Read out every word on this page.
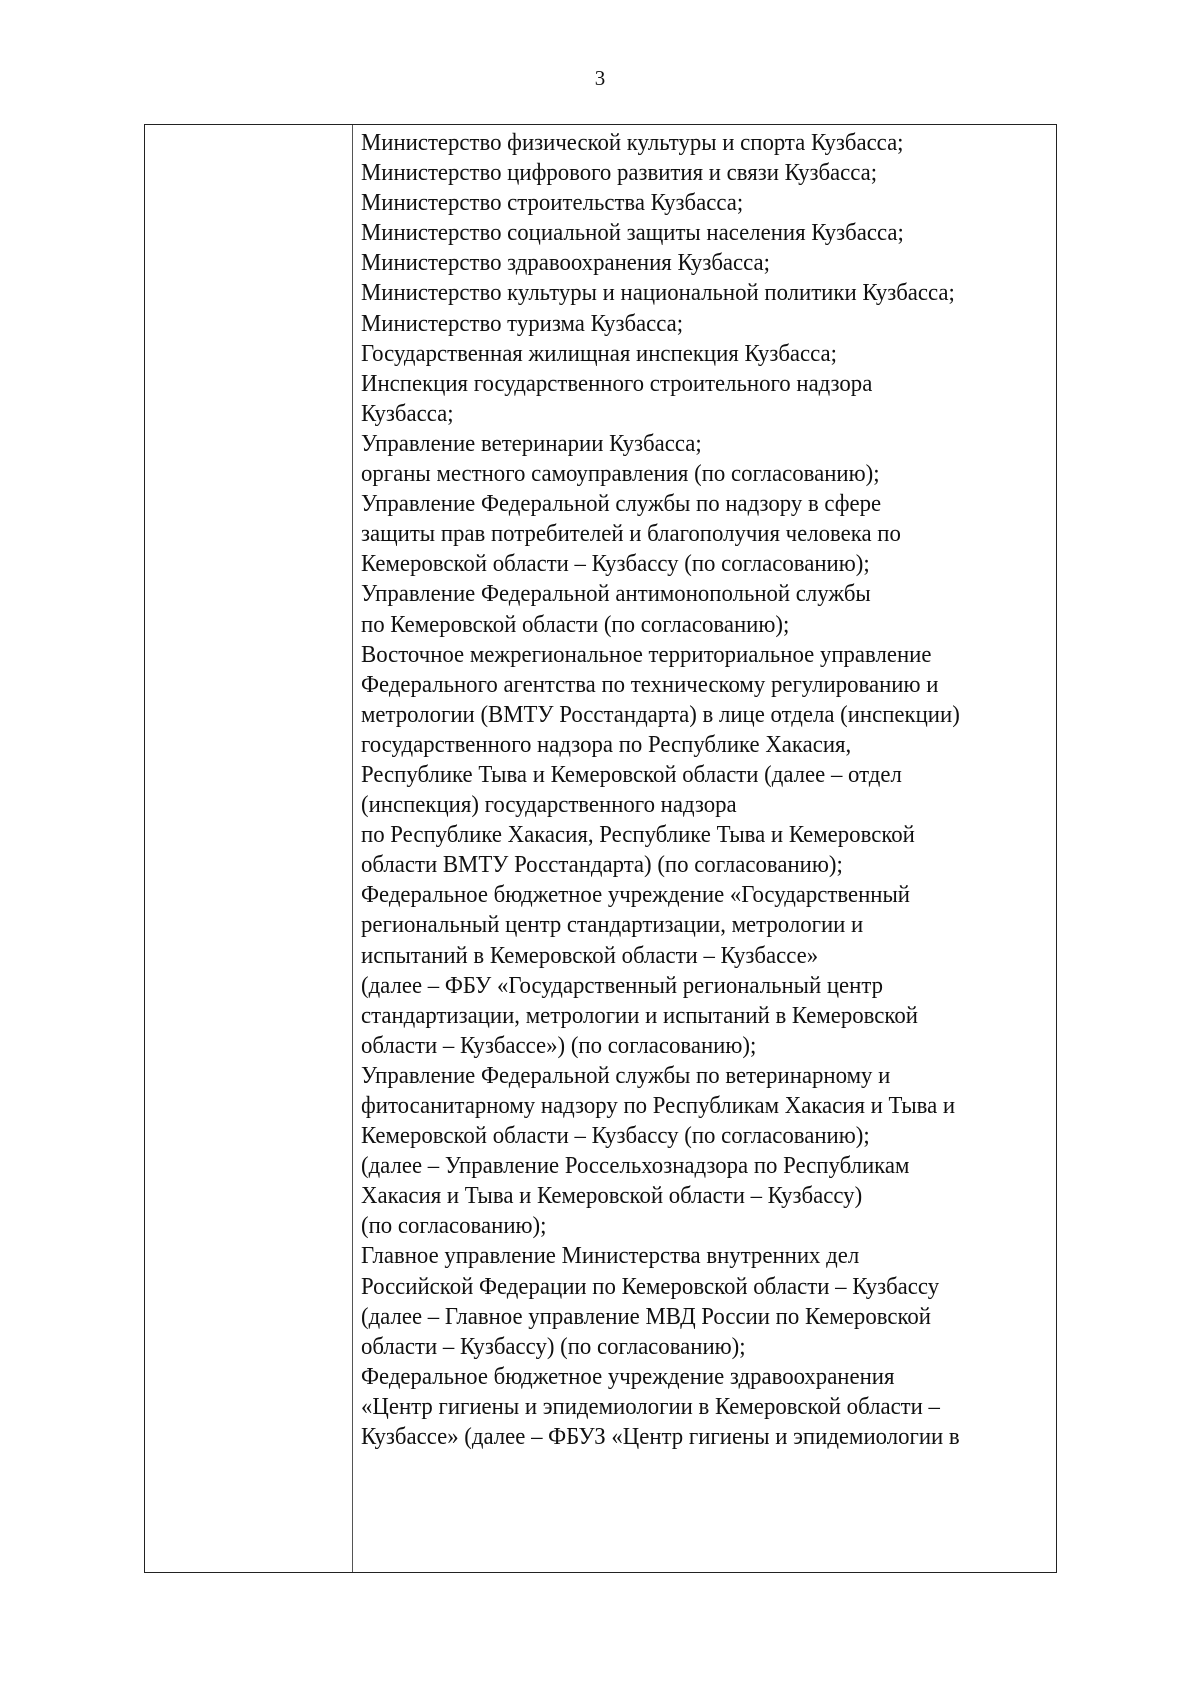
3
Министерство физической культуры и спорта Кузбасса;
Министерство цифрового развития и связи Кузбасса;
Министерство строительства Кузбасса;
Министерство социальной защиты населения Кузбасса;
Министерство здравоохранения Кузбасса;
Министерство культуры и национальной политики Кузбасса;
Министерство туризма Кузбасса;
Государственная жилищная инспекция Кузбасса;
Инспекция государственного строительного надзора
Кузбасса;
Управление ветеринарии Кузбасса;
органы местного самоуправления (по согласованию);
Управление Федеральной службы по надзору в сфере
защиты прав потребителей и благополучия человека по
Кемеровской области – Кузбассу (по согласованию);
Управление Федеральной антимонопольной службы
по Кемеровской области (по согласованию);
Восточное межрегиональное территориальное управление
Федерального агентства по техническому регулированию и
метрологии (ВМТУ Росстандарта) в лице отдела (инспекции)
государственного надзора по Республике Хакасия,
Республике Тыва и Кемеровской области (далее – отдел
(инспекция) государственного надзора
по Республике Хакасия, Республике Тыва и Кемеровской
области ВМТУ Росстандарта) (по согласованию);
Федеральное бюджетное учреждение «Государственный
региональный центр стандартизации, метрологии и
испытаний в Кемеровской области – Кузбассе»
(далее – ФБУ «Государственный региональный центр
стандартизации, метрологии и испытаний в Кемеровской
области – Кузбассе») (по согласованию);
Управление Федеральной службы по ветеринарному и
фитосанитарному надзору по Республикам Хакасия и Тыва и
Кемеровской области – Кузбассу (по согласованию);
(далее – Управление Россельхознадзора по Республикам
Хакасия и Тыва и Кемеровской области – Кузбассу)
(по согласованию);
Главное управление Министерства внутренних дел
Российской Федерации по Кемеровской области – Кузбассу
(далее – Главное управление МВД России по Кемеровской
области – Кузбассу) (по согласованию);
Федеральное бюджетное учреждение здравоохранения
«Центр гигиены и эпидемиологии в Кемеровской области –
Кузбассе» (далее – ФБУЗ «Центр гигиены и эпидемиологии в
